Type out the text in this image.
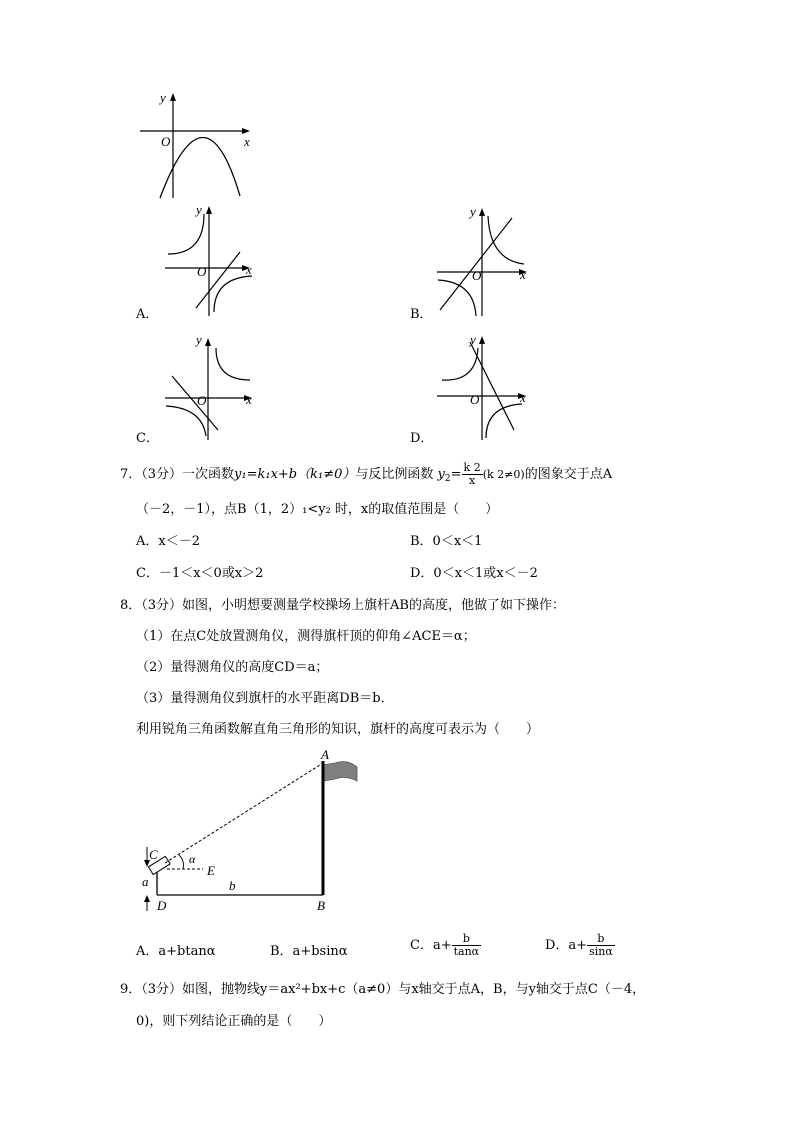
y
x
O
y
x
O
A．
y
x
O
B．
y
x
O
C．
y
x
O
D．
7．（3分）一次函数y₁=k₁x+b（k₁≠0）与反比例函数 $y_2= \frac{k 2}{x} (k$ 2≠0)的图象交于点A
（－2，－1），点B（1，2）₁<y₂ 时，x的取值范围是（　　）
A．x＜－2	B．0＜x＜1
C．－1＜x＜0或x＞2	D．0＜x＜1或x＜－2
8．（3分）如图，小明想要测量学校操场上旗杆AB的高度，他做了如下操作：
（1）在点C处放置测角仪，测得旗杆顶的仰角∠ACE＝α；
（2）量得测角仪的高度CD＝a；
（3）量得测角仪到旗杆的水平距离DB＝b．
利用锐角三角函数解直角三角形的知识，旗杆的高度可表示为（　　）
A
B
C
D
E
α
a	b
A．a+btanα	B．a+bsinα	C．$a+ \frac{b}{\tan\alpha}$	D．$a+ \frac{b}{\sin\alpha}$
9．（3分）如图，抛物线y＝ax²+bx+c（a≠0）与x轴交于点A，B，与y轴交于点C（－4，
0)，则下列结论正确的是（　　）
